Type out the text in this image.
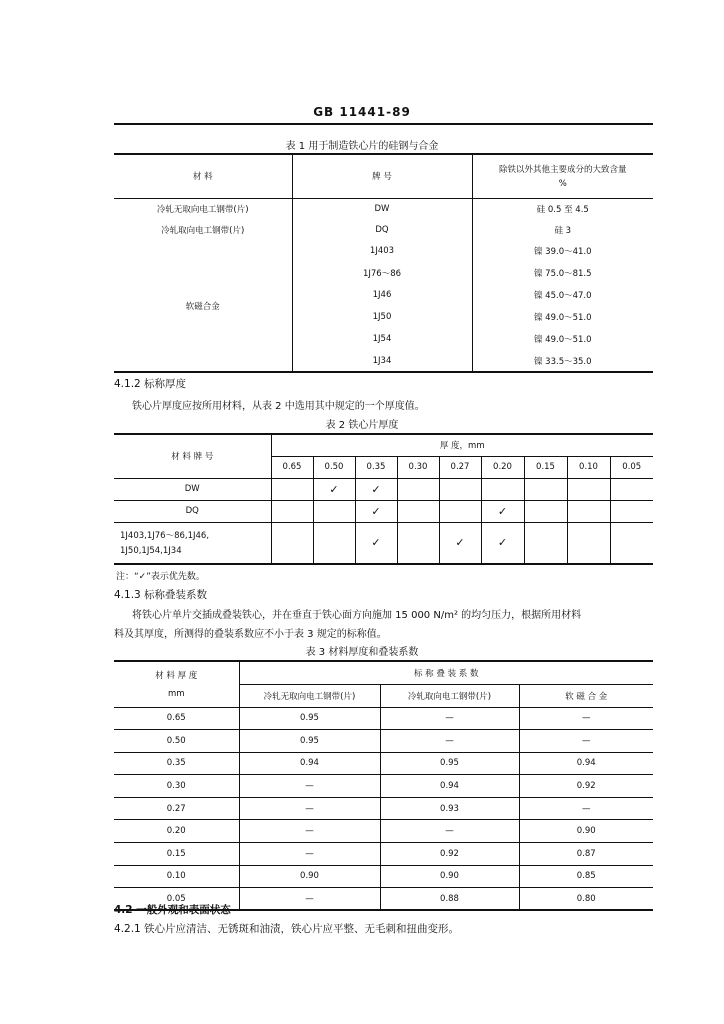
GB 11441-89
表 1 用于制造铁心片的硅钢与合金
材 料	牌 号	除铁以外其他主要成分的大致含量
%

冷轧无取向电工钢带(片)	DW	硅 0.5 至 4.5
冷轧取向电工钢带(片)	DQ	硅 3
软磁合金	1J403	镍 39.0～41.0
	1J76～86	镍 75.0～81.5
	1J46	镍 45.0～47.0
	1J50	镍 49.0～51.0
	1J54	镍 49.0～51.0
	1J34	镍 33.5～35.0
4.1.2 标称厚度
铁心片厚度应按所用材料，从表 2 中选用其中规定的一个厚度值。
表 2 铁心片厚度
材 料 牌 号	厚 度，mm								
	0.65	0.50	0.35	0.30	0.27	0.20	0.15	0.10	0.05
DW		✓	✓						
DQ			✓			✓			

1J403,1J76～86,1J46,
1J50,1J54,1J34			✓		✓	✓			
注：“✓”表示优先数。
4.1.3 标称叠装系数
将铁心片单片交插成叠装铁心，并在垂直于铁心面方向施加 15 000 N/m² 的均匀压力，根据所用材料
料及其厚度，所测得的叠装系数应不小于表 3 规定的标称值。
表 3 材料厚度和叠装系数
材 料 厚 度
mm	标 称 叠 装 系 数		
	冷轧无取向电工钢带(片)	冷轧取向电工钢带(片)	软 磁 合 金
0.65	0.95	—	—
0.50	0.95	—	—
0.35	0.94	0.95	0.94
0.30	—	0.94	0.92
0.27	—	0.93	—
0.20	—	—	0.90
0.15	—	0.92	0.87
0.10	0.90	0.90	0.85
0.05	—	0.88	0.80
4.2 一般外观和表面状态
4.2.1 铁心片应清洁、无锈斑和油渍，铁心片应平整、无毛刺和扭曲变形。
